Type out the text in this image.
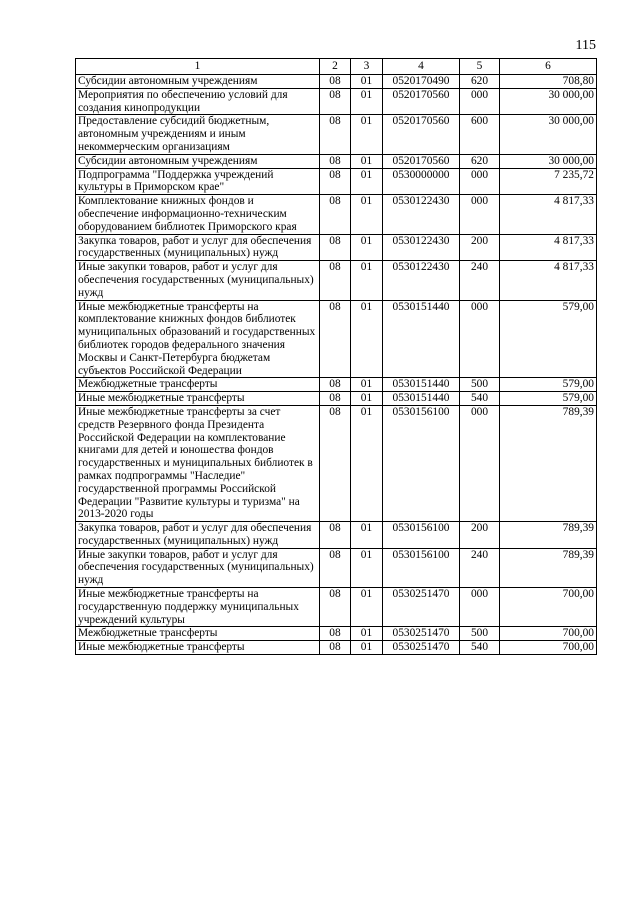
115
1	2	3	4	5	6
Субсидии автономным учреждениям	08	01	0520170490	620	708,80
Мероприятия по обеспечению условий для создания кинопродукции	08	01	0520170560	000	30 000,00
Предоставление субсидий бюджетным, автономным учреждениям и иным некоммерческим организациям	08	01	0520170560	600	30 000,00
Субсидии автономным учреждениям	08	01	0520170560	620	30 000,00
Подпрограмма "Поддержка учреждений культуры в Приморском крае"	08	01	0530000000	000	7 235,72
Комплектование книжных фондов и обеспечение информационно-техническим оборудованием библиотек Приморского края	08	01	0530122430	000	4 817,33
Закупка товаров, работ и услуг для обеспечения государственных (муниципальных) нужд	08	01	0530122430	200	4 817,33
Иные закупки товаров, работ и услуг для обеспечения государственных (муниципальных) нужд	08	01	0530122430	240	4 817,33
Иные межбюджетные трансферты на комплектование книжных фондов библиотек муниципальных образований и государственных библиотек городов федерального значения Москвы и Санкт-Петербурга бюджетам субъектов Российской Федерации	08	01	0530151440	000	579,00
Межбюджетные трансферты	08	01	0530151440	500	579,00
Иные межбюджетные трансферты	08	01	0530151440	540	579,00
Иные межбюджетные трансферты за счет средств Резервного фонда Президента Российской Федерации на комплектование книгами для детей и юношества фондов государственных и муниципальных библиотек в рамках подпрограммы "Наследие" государственной программы Российской Федерации "Развитие культуры и туризма" на 2013-2020 годы	08	01	0530156100	000	789,39
Закупка товаров, работ и услуг для обеспечения государственных (муниципальных) нужд	08	01	0530156100	200	789,39
Иные закупки товаров, работ и услуг для обеспечения государственных (муниципальных) нужд	08	01	0530156100	240	789,39
Иные межбюджетные трансферты на государственную поддержку муниципальных учреждений культуры	08	01	0530251470	000	700,00
Межбюджетные трансферты	08	01	0530251470	500	700,00
Иные межбюджетные трансферты	08	01	0530251470	540	700,00
